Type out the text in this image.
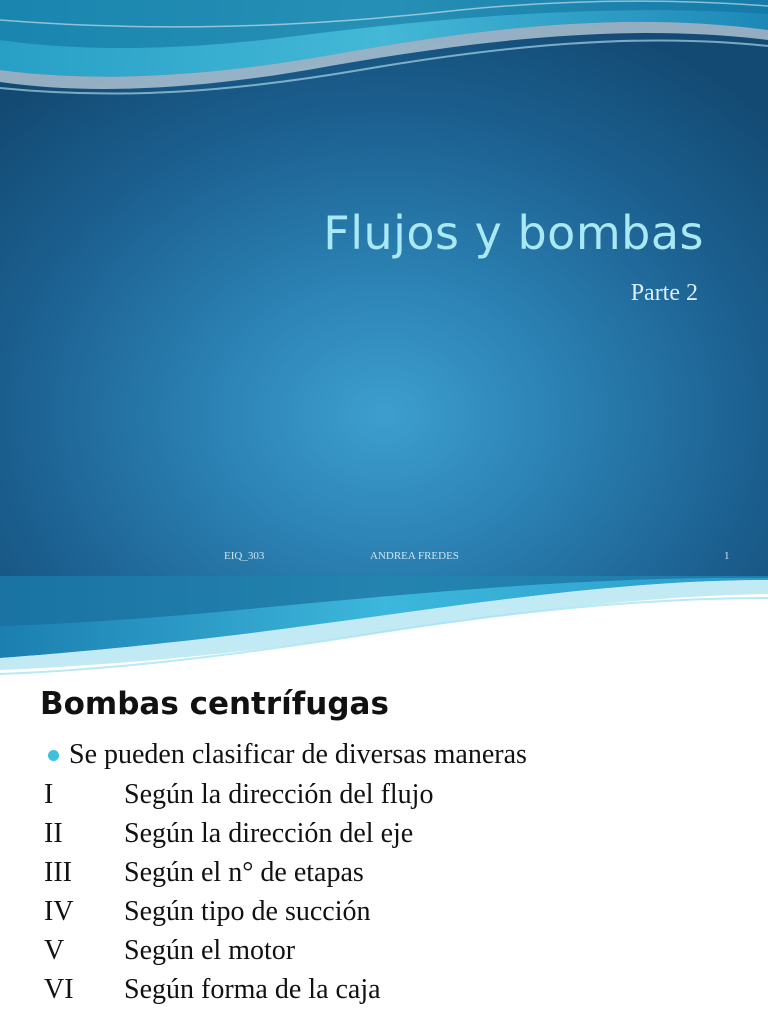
Flujos y bombas
Parte 2
EIQ_303	ANDREA FREDES	1
Bombas centrífugas
Se pueden clasificar de diversas maneras
I	Según la dirección del flujo
II	Según la dirección del eje
III	Según el n° de etapas
IV	Según tipo de succión
V	Según el motor
VI	Según forma de la caja
